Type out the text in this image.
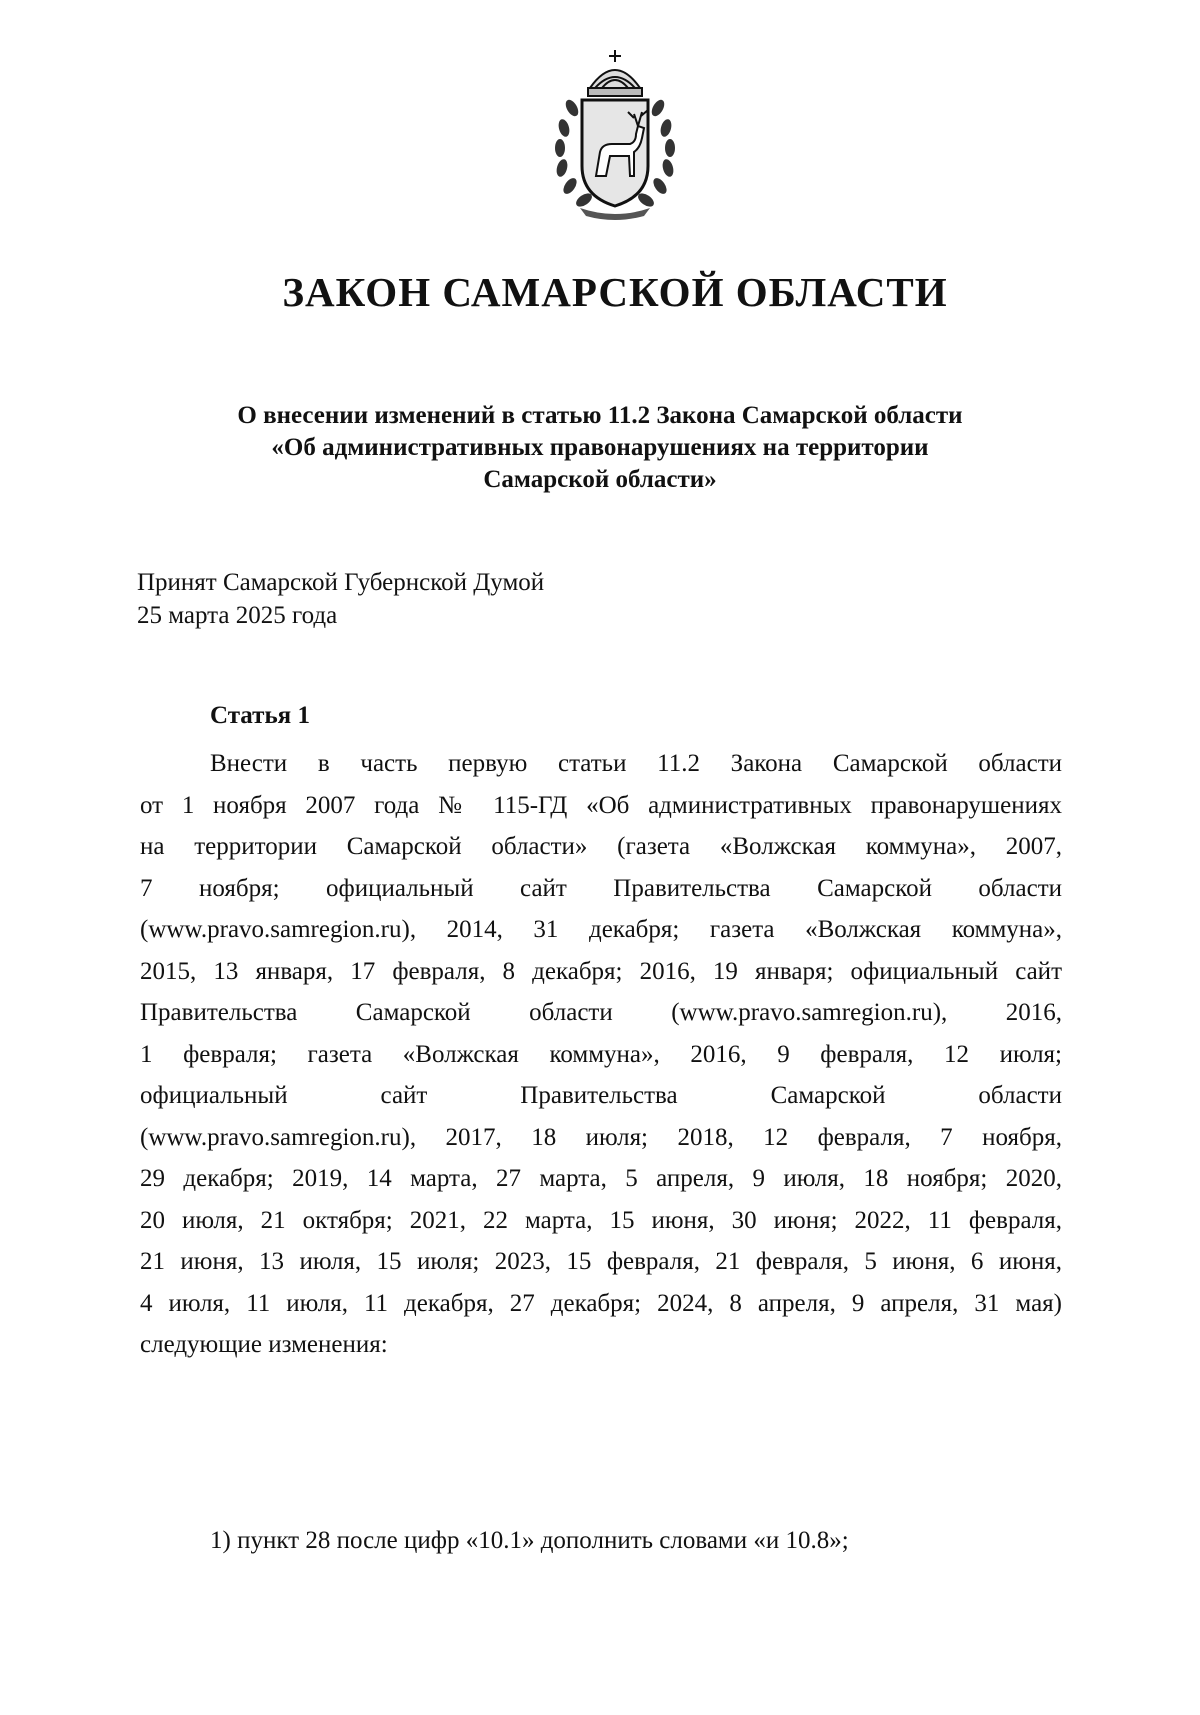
ЗАКОН САМАРСКОЙ ОБЛАСТИ
О внесении изменений в статью 11.2 Закона Самарской области
«Об административных правонарушениях на территории
Самарской области»
Принят Самарской Губернской Думой
25 марта 2025 года
Статья 1
Внести в часть первую статьи 11.2 Закона Самарской области
от 1 ноября 2007 года № 115-ГД «Об административных правонарушениях
на территории Самарской области» (газета «Волжская коммуна», 2007,
7 ноября; официальный сайт Правительства Самарской области
(www.pravo.samregion.ru), 2014, 31 декабря; газета «Волжская коммуна»,
2015, 13 января, 17 февраля, 8 декабря; 2016, 19 января; официальный сайт
Правительства Самарской области (www.pravo.samregion.ru), 2016,
1 февраля; газета «Волжская коммуна», 2016, 9 февраля, 12 июля;
официальный сайт Правительства Самарской области
(www.pravo.samregion.ru), 2017, 18 июля; 2018, 12 февраля, 7 ноября,
29 декабря; 2019, 14 марта, 27 марта, 5 апреля, 9 июля, 18 ноября; 2020,
20 июля, 21 октября; 2021, 22 марта, 15 июня, 30 июня; 2022, 11 февраля,
21 июня, 13 июля, 15 июля; 2023, 15 февраля, 21 февраля, 5 июня, 6 июня,
4 июля, 11 июля, 11 декабря, 27 декабря; 2024, 8 апреля, 9 апреля, 31 мая)
следующие изменения:
1) пункт 28 после цифр «10.1» дополнить словами «и 10.8»;
